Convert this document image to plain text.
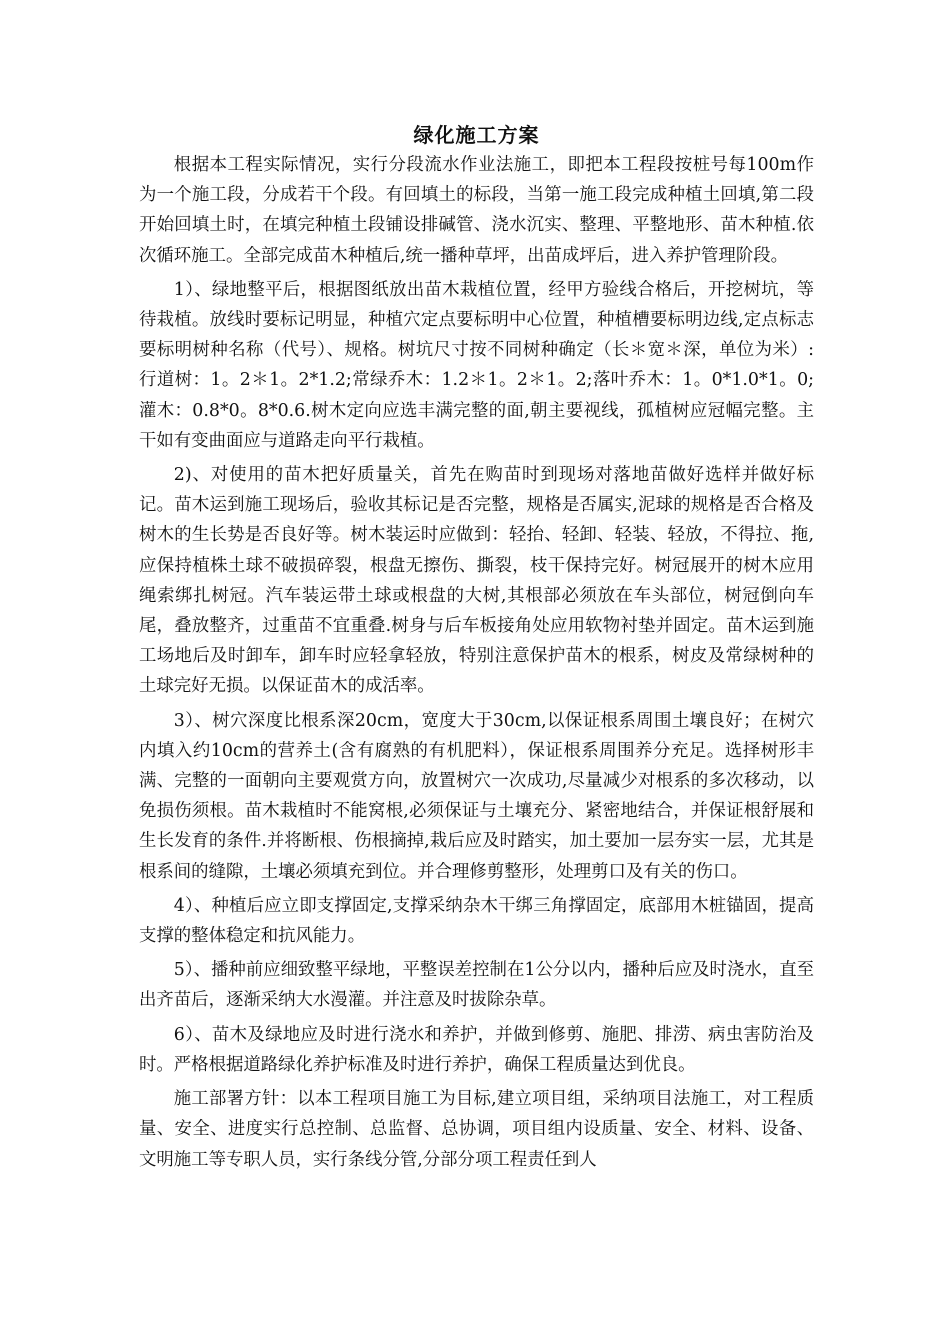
绿化施工方案

根据本工程实际情况，实行分段流水作业法施工，即把本工程段按桩号每100m作为一个施工段，分成若干个段。有回填土的标段，当第一施工段完成种植土回填,第二段开始回填土时，在填完种植土段铺设排碱管、浇水沉实、整理、平整地形、苗木种植.依次循环施工。全部完成苗木种植后,统一播种草坪，出苗成坪后，进入养护管理阶段。

1）、绿地整平后，根据图纸放出苗木栽植位置，经甲方验线合格后，开挖树坑，等待栽植。放线时要标记明显，种植穴定点要标明中心位置，种植槽要标明边线,定点标志要标明树种名称（代号）、规格。树坑尺寸按不同树种确定（长＊宽＊深，单位为米）:行道树：1。2＊1。2*1.2;常绿乔木：1.2＊1。2＊1。2;落叶乔木：1。0*1.0*1。0;灌木：0.8*0。8*0.6.树木定向应选丰满完整的面,朝主要视线，孤植树应冠幅完整。主干如有变曲面应与道路走向平行栽植。

2)、对使用的苗木把好质量关，首先在购苗时到现场对落地苗做好选样并做好标记。苗木运到施工现场后，验收其标记是否完整，规格是否属实,泥球的规格是否合格及树木的生长势是否良好等。树木装运时应做到：轻抬、轻卸、轻装、轻放，不得拉、拖,应保持植株土球不破损碎裂，根盘无擦伤、撕裂，枝干保持完好。树冠展开的树木应用绳索绑扎树冠。汽车装运带土球或根盘的大树,其根部必须放在车头部位，树冠倒向车尾，叠放整齐，过重苗不宜重叠.树身与后车板接角处应用软物衬垫并固定。苗木运到施工场地后及时卸车，卸车时应轻拿轻放，特别注意保护苗木的根系，树皮及常绿树种的土球完好无损。以保证苗木的成活率。

3）、树穴深度比根系深20cm，宽度大于30cm,以保证根系周围土壤良好；在树穴内填入约10cm的营养土(含有腐熟的有机肥料），保证根系周围养分充足。选择树形丰满、完整的一面朝向主要观赏方向，放置树穴一次成功,尽量减少对根系的多次移动，以免损伤须根。苗木栽植时不能窝根,必须保证与土壤充分、紧密地结合，并保证根舒展和生长发育的条件.并将断根、伤根摘掉,栽后应及时踏实，加土要加一层夯实一层，尤其是根系间的缝隙，土壤必须填充到位。并合理修剪整形，处理剪口及有关的伤口。

4）、种植后应立即支撑固定,支撑采纳杂木干绑三角撑固定，底部用木桩锚固，提高支撑的整体稳定和抗风能力。

5）、播种前应细致整平绿地，平整误差控制在1公分以内，播种后应及时浇水，直至出齐苗后，逐渐采纳大水漫灌。并注意及时拔除杂草。

6）、苗木及绿地应及时进行浇水和养护，并做到修剪、施肥、排涝、病虫害防治及时。严格根据道路绿化养护标准及时进行养护，确保工程质量达到优良。

施工部署方针：以本工程项目施工为目标,建立项目组，采纳项目法施工，对工程质量、安全、进度实行总控制、总监督、总协调，项目组内设质量、安全、材料、设备、文明施工等专职人员，实行条线分管,分部分项工程责任到人
